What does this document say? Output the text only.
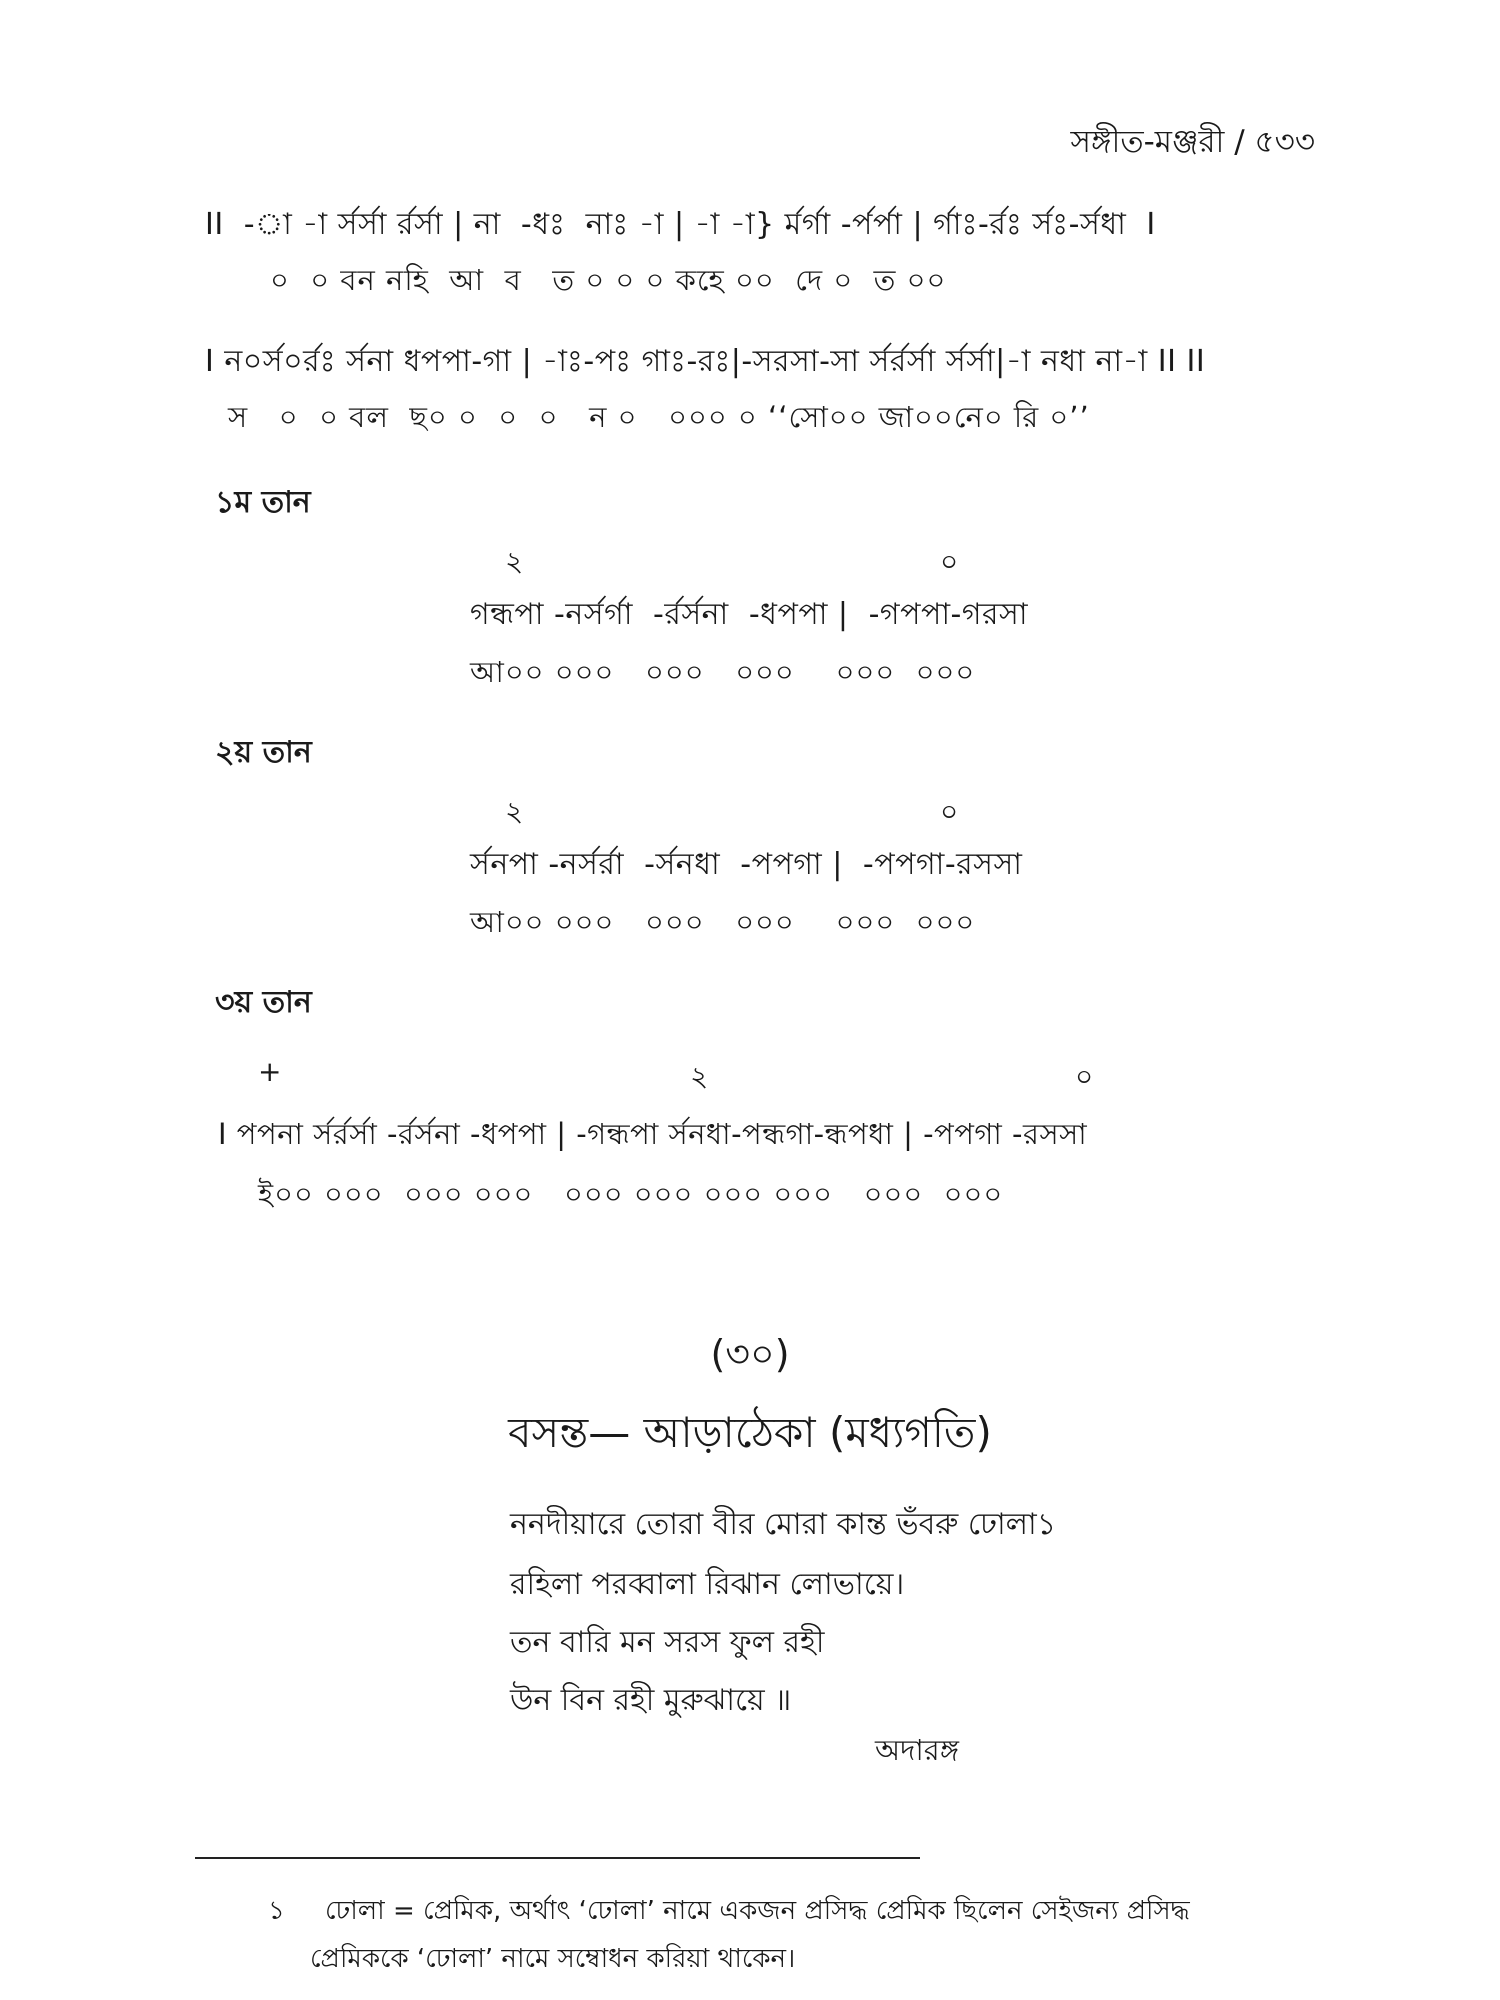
সঙ্গীত-মঞ্জরী / ৫৩৩
II  -া -া র্সর্সা র্রর্সা | না  -ধঃ  নাঃ -া | -া -া} র্মর্গা -র্পর্পা | র্গাঃ-র্রঃ র্সঃ-র্সধা  I
০  ০ বন নহি  আ  ব   ত ০ ০ ০ কহে ০০  দে ০  ত ০০
I ন০র্স০র্রঃ র্সনা ধপপা-গা | -াঃ-পঃ গাঃ-রঃ|-সরসা-সা র্সর্রর্সা র্সর্সা|-া নধা না-া II II
স   ০  ০ বল  ছ০ ০  ০  ০   ন ০   ০০০ ০ ‘‘সো০০ জা০০নে০ রি ০’’
১ম তান
২	০
গন্ধপা -নর্সর্গা  -র্রর্সনা  -ধপপা |  -গপপা-গরসা
আ০০ ০০০   ০০০   ০০০    ০০০  ০০০
২য় তান
২	০
র্সনপা -নর্সর্রা  -র্সনধা  -পপগা |  -পপগা-রসসা
আ০০ ০০০   ০০০   ০০০    ০০০  ০০০
৩য় তান
+	২	০
I পপনা র্সর্রর্সা -র্রর্সনা -ধপপা | -গন্ধপা র্সনধা-পন্ধগা-ন্ধপধা | -পপগা -রসসা
ই০০ ০০০  ০০০ ০০০   ০০০ ০০০ ০০০ ০০০   ০০০  ০০০
(৩০)
বসন্ত— আড়াঠেকা (মধ্যগতি)
ননদীয়ারে তোরা বীর মোরা কান্ত ভঁবরু ঢোলা১
রহিলা পরব্বালা রিঝান লোভায়ে।
তন বারি মন সরস ফুল রহী
উন বিন রহী মুরুঝায়ে ॥
অদারঙ্গ
১ ঢোলা = প্রেমিক, অর্থাৎ ‘ঢোলা’ নামে একজন প্রসিদ্ধ প্রেমিক ছিলেন সেইজন্য প্রসিদ্ধ
প্রেমিককে ‘ঢোলা’ নামে সম্বোধন করিয়া থাকেন।
